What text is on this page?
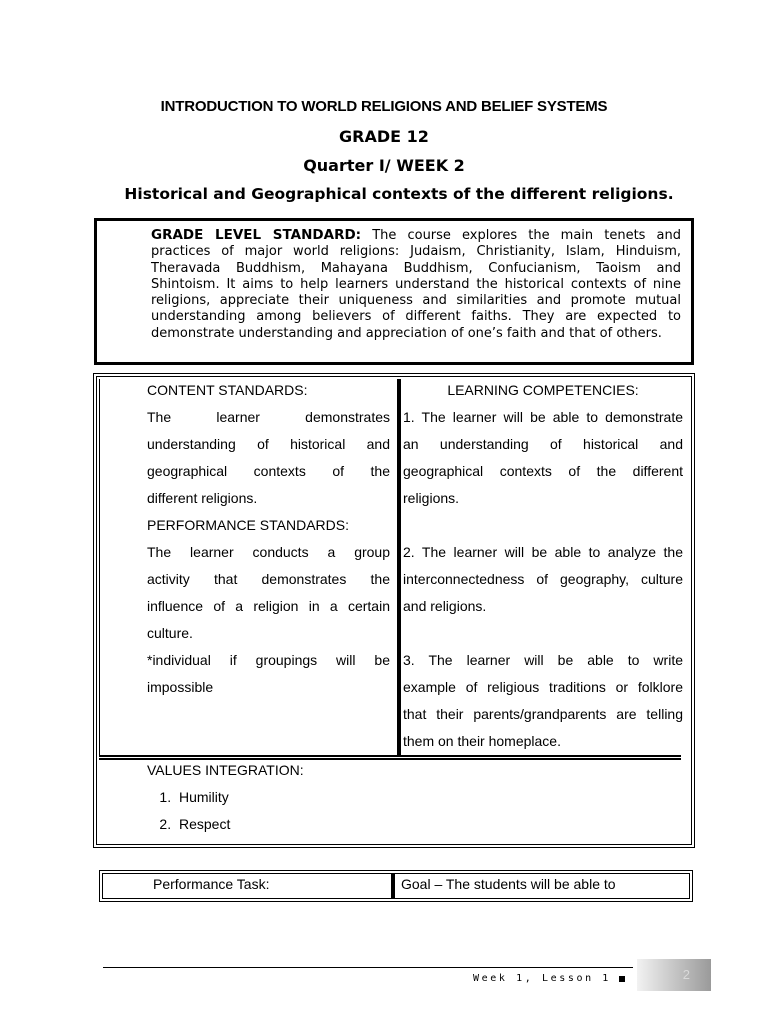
INTRODUCTION TO WORLD RELIGIONS AND BELIEF SYSTEMS
GRADE 12
Quarter I/ WEEK 2
Historical and Geographical contexts of the different religions.
GRADE LEVEL STANDARD: The course explores the main tenets and practices of major world religions: Judaism, Christianity, Islam, Hinduism, Theravada Buddhism, Mahayana Buddhism, Confucianism, Taoism and Shintoism. It aims to help learners understand the historical contexts of nine religions, appreciate their uniqueness and similarities and promote mutual understanding among believers of different faiths. They are expected to demonstrate understanding and appreciation of one’s faith and that of others.
CONTENT STANDARDS:
The learner demonstrates
understanding of historical and
geographical contexts of the
different religions.
PERFORMANCE STANDARDS:
The learner conducts a group
activity that demonstrates the
influence of a religion in a certain
culture.
*individual if groupings will be
impossible
LEARNING COMPETENCIES:
1. The learner will be able to demonstrate
an understanding of historical and
geographical contexts of the different
religions.
2. The learner will be able to analyze the
interconnectedness of geography, culture
and religions.
3. The learner will be able to write
example of religious traditions or folklore
that their parents/grandparents are telling
them on their homeplace.
VALUES INTEGRATION:
1. Humility
2. Respect
Performance Task:	Goal – The students will be able to
Week 1, Lesson 1	2
